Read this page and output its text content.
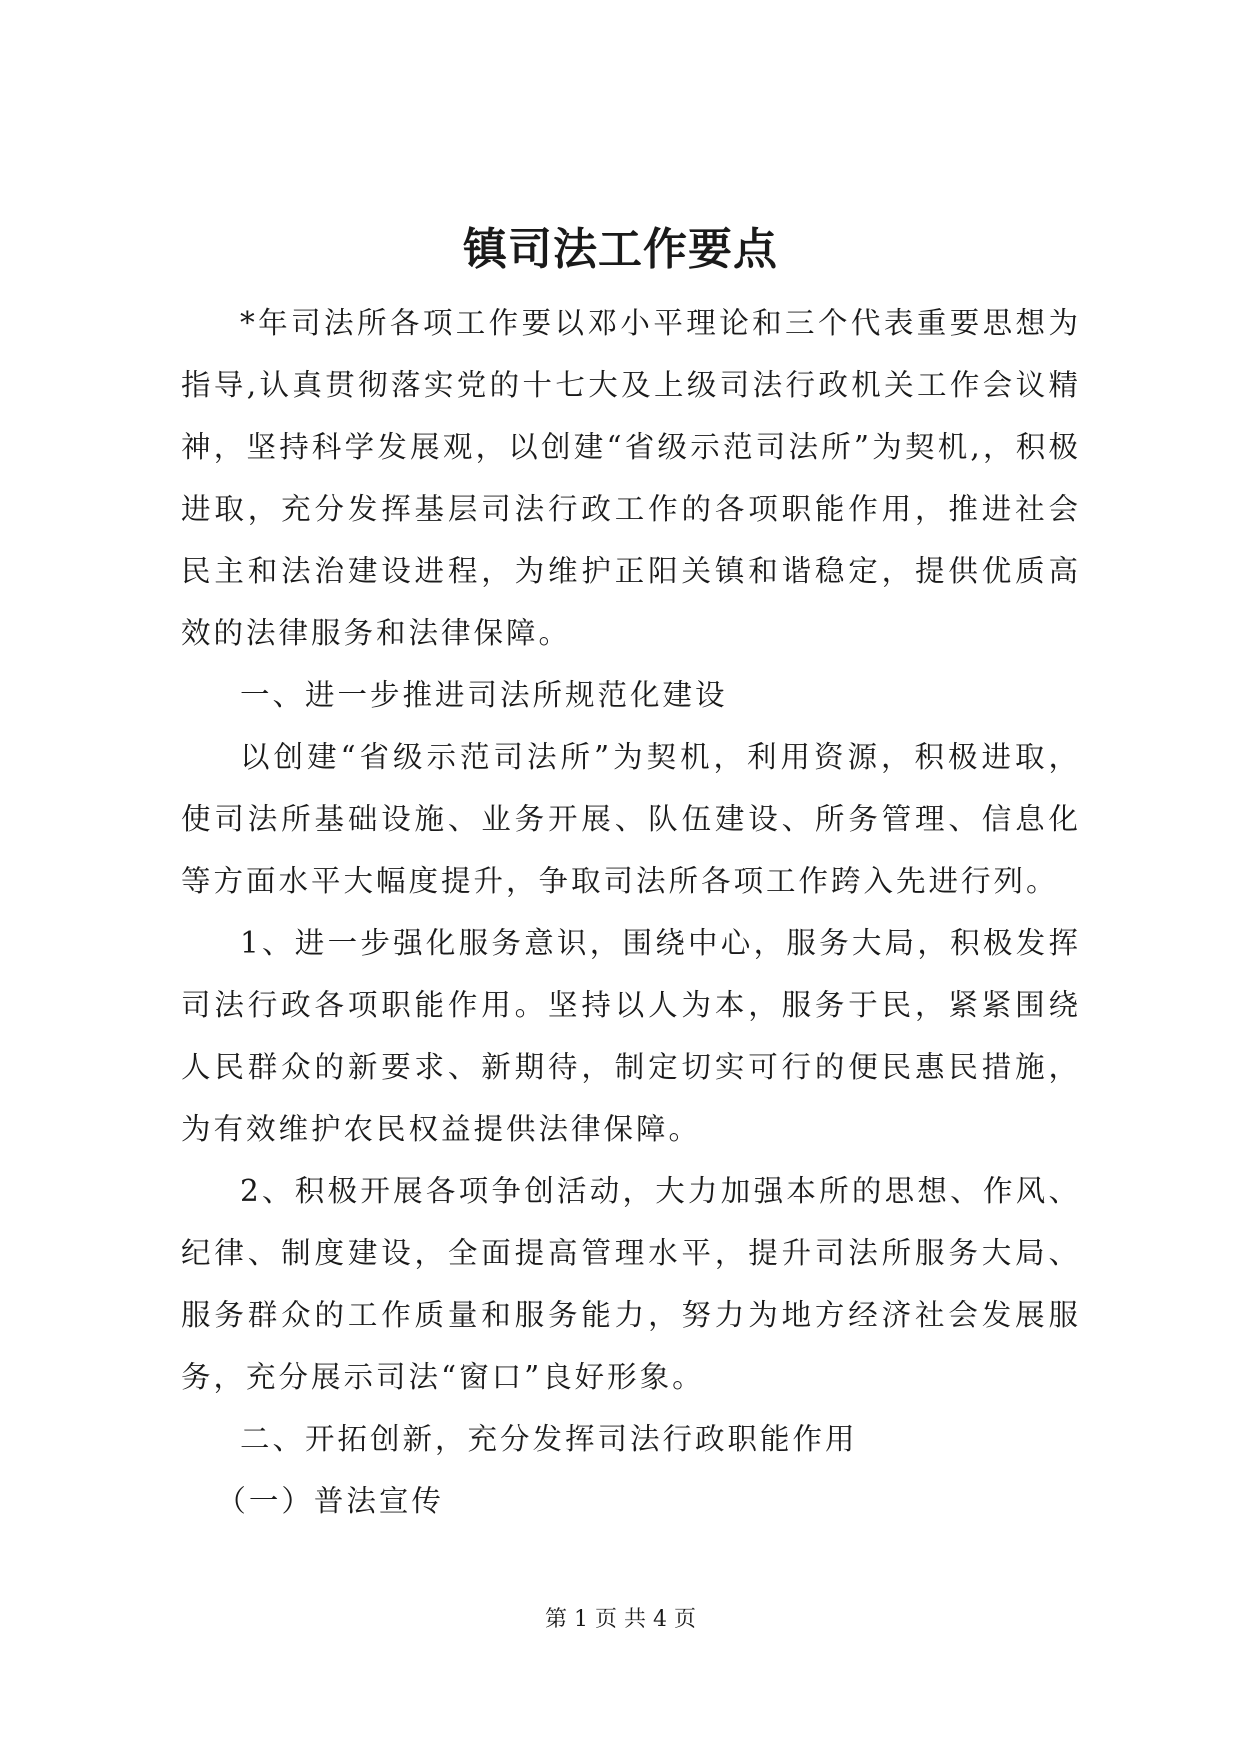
镇司法工作要点

*年司法所各项工作要以邓小平理论和三个代表重要思想为指导,认真贯彻落实党的十七大及上级司法行政机关工作会议精神，坚持科学发展观，以创建“省级示范司法所”为契机,，积极进取，充分发挥基层司法行政工作的各项职能作用，推进社会民主和法治建设进程，为维护正阳关镇和谐稳定，提供优质高效的法律服务和法律保障。

一、进一步推进司法所规范化建设

以创建“省级示范司法所”为契机，利用资源，积极进取，使司法所基础设施、业务开展、队伍建设、所务管理、信息化等方面水平大幅度提升，争取司法所各项工作跨入先进行列。

1、进一步强化服务意识，围绕中心，服务大局，积极发挥司法行政各项职能作用。坚持以人为本，服务于民，紧紧围绕人民群众的新要求、新期待，制定切实可行的便民惠民措施，为有效维护农民权益提供法律保障。

2、积极开展各项争创活动，大力加强本所的思想、作风、纪律、制度建设，全面提高管理水平，提升司法所服务大局、服务群众的工作质量和服务能力，努力为地方经济社会发展服务，充分展示司法“窗口”良好形象。

二、开拓创新，充分发挥司法行政职能作用

（一）普法宣传

第 1 页 共 4 页
